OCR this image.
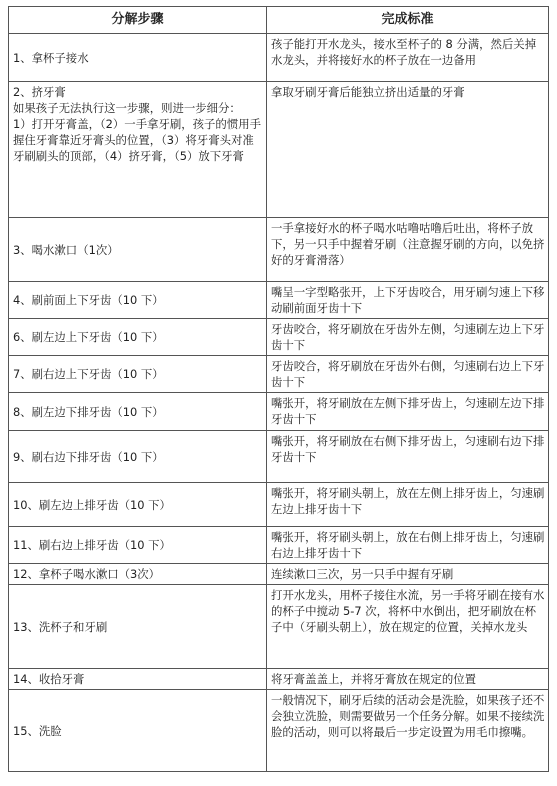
分解步骤	完成标准
1、拿杯子接水	孩子能打开水龙头，接水至杯子的 8 分满，然后关掉水龙头，并将接好水的杯子放在一边备用
2、挤牙膏
如果孩子无法执行这一步骤，则进一步细分：
1）打开牙膏盖，（2）一手拿牙刷，孩子的惯用手握住牙膏靠近牙膏头的位置，（3）将牙膏头对准牙刷刷头的顶部，（4）挤牙膏，（5）放下牙膏	拿取牙刷牙膏后能独立挤出适量的牙膏
3、喝水漱口（1次）	一手拿接好水的杯子喝水咕噜咕噜后吐出，将杯子放下，另一只手中握着牙刷（注意握牙刷的方向，以免挤好的牙膏滑落）
4、刷前面上下牙齿（10 下）	嘴呈一字型略张开，上下牙齿咬合，用牙刷匀速上下移动刷前面牙齿十下
6、刷左边上下牙齿（10 下）	牙齿咬合，将牙刷放在牙齿外左侧，匀速刷左边上下牙齿十下
7、刷右边上下牙齿（10 下）	牙齿咬合，将牙刷放在牙齿外右侧，匀速刷右边上下牙齿十下
8、刷左边下排牙齿（10 下）	嘴张开，将牙刷放在左侧下排牙齿上，匀速刷左边下排牙齿十下
9、刷右边下排牙齿（10 下）	嘴张开，将牙刷放在右侧下排牙齿上，匀速刷右边下排牙齿十下
10、刷左边上排牙齿（10 下）	嘴张开，将牙刷头朝上，放在左侧上排牙齿上，匀速刷左边上排牙齿十下
11、刷右边上排牙齿（10 下）	嘴张开，将牙刷头朝上，放在右侧上排牙齿上，匀速刷右边上排牙齿十下
12、拿杯子喝水漱口（3次）	连续漱口三次，另一只手中握有牙刷
13、洗杯子和牙刷	打开水龙头，用杯子接住水流，另一手将牙刷在接有水的杯子中搅动 5-7 次，将杯中水倒出，把牙刷放在杯子中（牙刷头朝上），放在规定的位置，关掉水龙头
14、收拾牙膏	将牙膏盖盖上，并将牙膏放在规定的位置
15、洗脸	一般情况下，刷牙后续的活动会是洗脸，如果孩子还不会独立洗脸，则需要做另一个任务分解。如果不接续洗脸的活动，则可以将最后一步定设置为用毛巾擦嘴。
